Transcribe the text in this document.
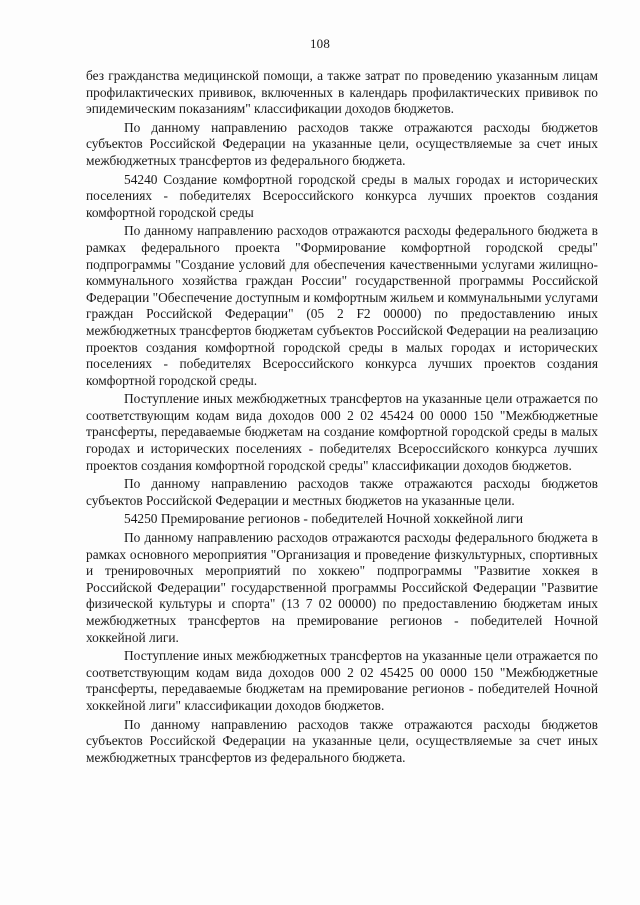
108

без гражданства медицинской помощи, а также затрат по проведению указанным лицам профилактических прививок, включенных в календарь профилактических прививок по эпидемическим показаниям" классификации доходов бюджетов.

По данному направлению расходов также отражаются расходы бюджетов субъектов Российской Федерации на указанные цели, осуществляемые за счет иных межбюджетных трансфертов из федерального бюджета.

54240 Создание комфортной городской среды в малых городах и исторических поселениях - победителях Всероссийского конкурса лучших проектов создания комфортной городской среды

По данному направлению расходов отражаются расходы федерального бюджета в рамках федерального проекта "Формирование комфортной городской среды" подпрограммы "Создание условий для обеспечения качественными услугами жилищно-коммунального хозяйства граждан России" государственной программы Российской Федерации "Обеспечение доступным и комфортным жильем и коммунальными услугами граждан Российской Федерации" (05 2 F2 00000) по предоставлению иных межбюджетных трансфертов бюджетам субъектов Российской Федерации на реализацию проектов создания комфортной городской среды в малых городах и исторических поселениях - победителях Всероссийского конкурса лучших проектов создания комфортной городской среды.

Поступление иных межбюджетных трансфертов на указанные цели отражается по соответствующим кодам вида доходов 000 2 02 45424 00 0000 150 "Межбюджетные трансферты, передаваемые бюджетам на создание комфортной городской среды в малых городах и исторических поселениях - победителях Всероссийского конкурса лучших проектов создания комфортной городской среды" классификации доходов бюджетов.

По данному направлению расходов также отражаются расходы бюджетов субъектов Российской Федерации и местных бюджетов на указанные цели.

54250 Премирование регионов - победителей Ночной хоккейной лиги

По данному направлению расходов отражаются расходы федерального бюджета в рамках основного мероприятия "Организация и проведение физкультурных, спортивных и тренировочных мероприятий по хоккею" подпрограммы "Развитие хоккея в Российской Федерации" государственной программы Российской Федерации "Развитие физической культуры и спорта" (13 7 02 00000) по предоставлению бюджетам иных межбюджетных трансфертов на премирование регионов - победителей Ночной хоккейной лиги.

Поступление иных межбюджетных трансфертов на указанные цели отражается по соответствующим кодам вида доходов 000 2 02 45425 00 0000 150 "Межбюджетные трансферты, передаваемые бюджетам на премирование регионов - победителей Ночной хоккейной лиги" классификации доходов бюджетов.

По данному направлению расходов также отражаются расходы бюджетов субъектов Российской Федерации на указанные цели, осуществляемые за счет иных межбюджетных трансфертов из федерального бюджета.
